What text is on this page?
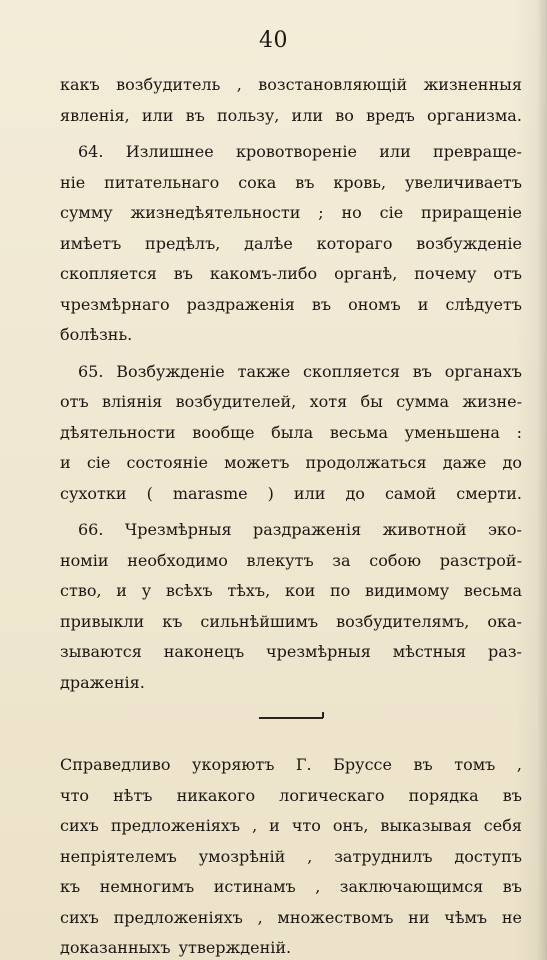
40
какъ возбудитель , возстановляющій жизненныя
явленія, или въ пользу, или во вредъ организма.
64. Излишнее кровотвореніе или превраще-
ніе питательнаго сока въ кровь, увеличиваетъ
сумму жизнедѣятельности ; но сіе приращеніе
имѣетъ предѣлъ, далѣе котораго возбужденіе
скопляется въ какомъ-либо органѣ, почему отъ
чрезмѣрнаго раздраженія въ ономъ и слѣдуетъ
болѣзнь.
65. Возбужденіе также скопляется въ органахъ
отъ вліянія возбудителей, хотя бы сумма жизне-
дѣятельности вообще была весьма уменьшена :
и сіе состояніе можетъ продолжаться даже до
сухотки ( marasme ) или до самой смерти.
66. Чрезмѣрныя раздраженія животной эко-
номіи необходимо влекутъ за собою разстрой-
ство, и у всѣхъ тѣхъ, кои по видимому весьма
привыкли къ сильнѣйшимъ возбудителямъ, ока-
зываются наконецъ чрезмѣрныя мѣстныя раз-
драженія.
Справедливо укоряютъ Г. Бруссе въ томъ ,
что нѣтъ никакого логическаго порядка въ
сихъ предложеніяхъ , и что онъ, выказывая себя
непріятелемъ умозрѣній , затруднилъ доступъ
къ немногимъ истинамъ , заключающимся въ
сихъ предложеніяхъ , множествомъ ни чѣмъ не
доказанныхъ утвержденій.
